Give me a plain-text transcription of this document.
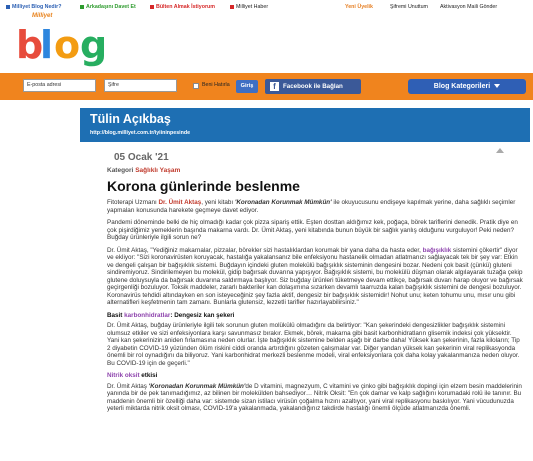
Milliyet Blog Nedir?	Arkadaşını Davet Et	Bülten Almak İstiyorum	Milliyet Haber	Yeni Üyelik	Şifremi Unuttum Aktivasyon Maili Gönder
Milliyet
b
l o g
E-posta adresi	Şifre	Beni Hatırla	Giriş	f Facebook ile Bağlan	Blog Kategorileri
Tülin Açıkbaş
http://blog.milliyet.com.tr/iyiininpesinde
05 Ocak '21
Kategori Sağlıklı Yaşam
Korona günlerinde beslenme

Fitoterapi Uzmanı Dr. Ümit Aktaş, yeni kitabı 'Koronadan Korunmak Mümkün' ile okuyucusunu endişeye kapılmak yerine, daha sağlıklı seçimler yapmaları konusunda harekete geçmeye davet ediyor.

Pandemi döneminde belki de hiç olmadığı kadar çok pizza sipariş ettik. Eşten dosttan aldığımız kek, poğaça, börek tariflerini denedik. Pratik diye en çok pişirdiğimiz yemeklerin başında makarna vardı. Dr. Ümit Aktaş, yeni kitabında bunun büyük bir sağlık yanlış olduğunu vurguluyor! Peki neden? Buğday ürünleriyle ilgili sorun ne?

Dr. Ümit Aktaş, "Yediğiniz makarnalar, pizzalar, börekler sizi hastalıklardan korumak bir yana daha da hasta eder, bağışıklık sistemini çökertir" diyor ve ekliyor: "Sizi koronavirüsten koruyacak, hastalığa yakalansanız bile enfeksiyonu hastanelik olmadan atlatmanızı sağlayacak tek bir şey var: Etkin ve dengeli çalışan bir bağışıklık sistemi. Buğdayın içindeki gluten molekülü bağışıklık sisteminin dengesini bozar. Nedeni çok basit (çünkü) gluteni sindiremiyoruz. Sindirilemeyen bu molekül, gidip bağırsak duvarına yapışıyor. Bağışıklık sistemi, bu molekülü düşman olarak algılayarak tuzağa çekip glutene doluysuyla da bağırsak duvarına saldırmaya başlıyor. Siz buğday ürünleri tüketmeye devam ettikçe, bağırsak duvarı harap oluyor ve bağırsak geçirgenliği bozuluyor. Toksik maddeler, zararlı bakteriler kan dolaşımına sızarken devamlı taarruzda kalan bağışıklık sistemini de dengesi bozuluyor. Koronavirüs tehdidi altındayken en son isteyeceğiniz şey fazla aktif, dengesiz bir bağışıklık sistemidir! Nohut unu; keten tohumu unu, mısır unu gibi alternatifleri keşfetmenin tam zamanı. Bunlarla glutensiz, lezzetli tarifler hazırlayabilirsiniz."

Basit karbonhidratlar: Dengesiz kan şekeri

Dr. Ümit Aktaş, buğday ürünleriyle ilgili tek sorunun gluten molükülü olmadığını da belirtiyor: "Kan şekerindeki dengesizlikler bağışıklık sistemini olumsuz etkiler ve sizi enfeksiyonlara karşı savunmasız bırakır. Ekmek, börek, makarna gibi basit karbonhidratların glisemik indeksi çok yüksektir. Yani kan şekerinizin aniden fırlamasına neden olurlar. İşte bağışıklık sistemine belden aşağı bir darbe daha! Yüksek kan şekerinin, fazla kiloların; Tip 2 diyabetin COVID-19 yüzünden ölüm riskini ciddi oranda artırdığını gözeten çalışmalar var. Diğer yandan yüksek kan şekerinin viral replikasyonda önemli bir rol oynadığını da biliyoruz. Yani karbonhidrat merkezli beslenme modeli, viral enfeksiyonlara çok daha kolay yakalanmanıza neden oluyor. Bu COVID-19 için de geçerli."

Nitrik oksit etkisi

Dr. Ümit Aktaş 'Koronadan Korunmak Mümkün'de D vitamini, magnezyum, C vitamini ve çinko gibi bağışıklık dopingi için elzem besin maddelerinin yanında bir de pek tanımadığımız, az bilinen bir molekülden bahsediyor… Nitrik Oksit: "En çok damar ve kalp sağlığını korumadaki rolü ile tanınır. Bu maddenin önemli bir özelliği daha var: sistemde sizan istilacı virüsün çoğalma hızını azaltıyor, yani viral replikasyonu baskılıyor. Yani vücudunuzda yeterli miktarda nitrik oksit olması, COVID-19'a yakalanmada, yakalandığınız takdirde hastalığı önemli ölçüde atlatmanızda önemli.
